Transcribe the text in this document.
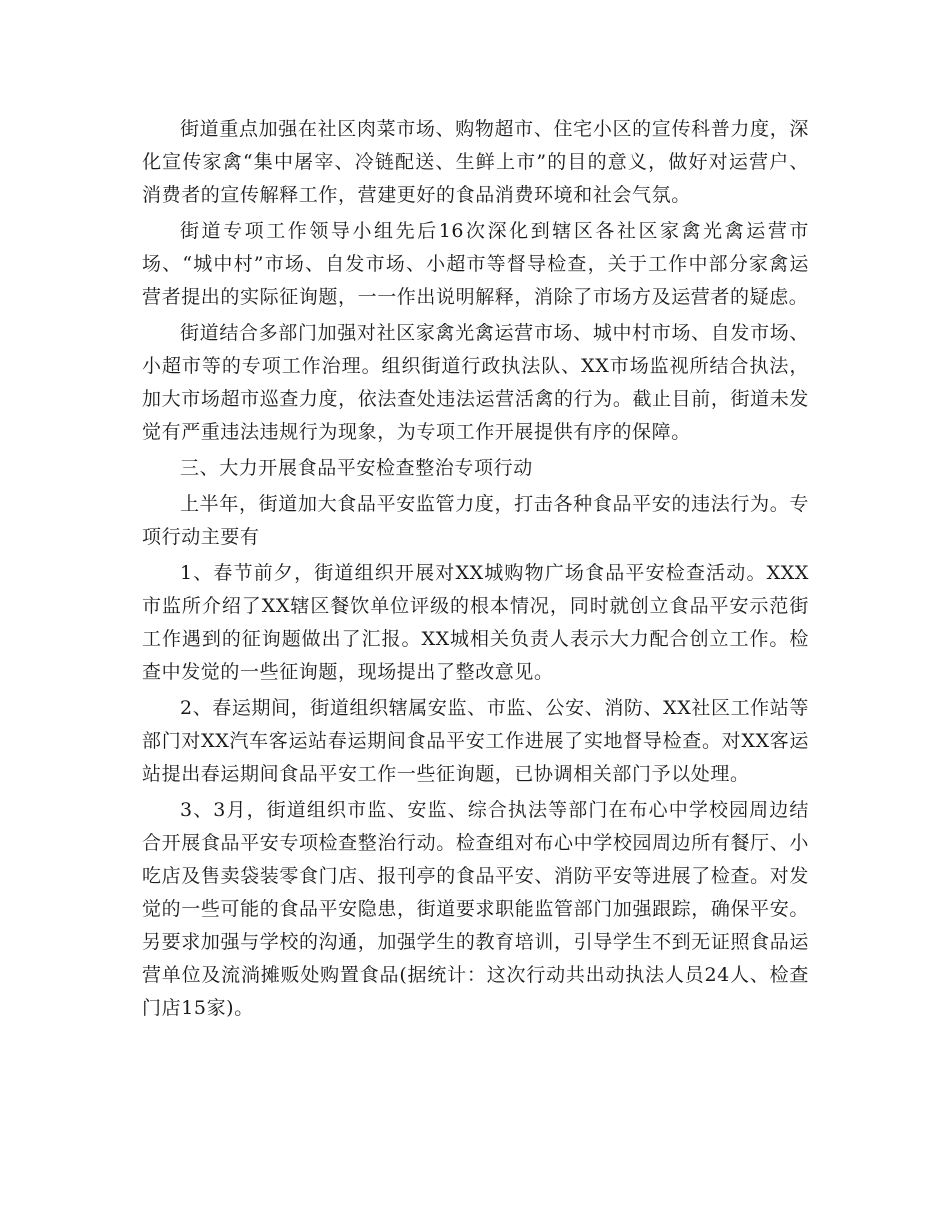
街道重点加强在社区肉菜市场、购物超市、住宅小区的宣传科普力度，深化宣传家禽“集中屠宰、冷链配送、生鲜上市”的目的意义，做好对运营户、消费者的宣传解释工作，营建更好的食品消费环境和社会气氛。

街道专项工作领导小组先后16次深化到辖区各社区家禽光禽运营市场、“城中村”市场、自发市场、小超市等督导检查，关于工作中部分家禽运营者提出的实际征询题，一一作出说明解释，消除了市场方及运营者的疑虑。

街道结合多部门加强对社区家禽光禽运营市场、城中村市场、自发市场、小超市等的专项工作治理。组织街道行政执法队、XX市场监视所结合执法，加大市场超市巡查力度，依法查处违法运营活禽的行为。截止目前，街道未发觉有严重违法违规行为现象，为专项工作开展提供有序的保障。

三、大力开展食品平安检查整治专项行动

上半年，街道加大食品平安监管力度，打击各种食品平安的违法行为。专项行动主要有

1、春节前夕，街道组织开展对XX城购物广场食品平安检查活动。XXX市监所介绍了XX辖区餐饮单位评级的根本情况，同时就创立食品平安示范街工作遇到的征询题做出了汇报。XX城相关负责人表示大力配合创立工作。检查中发觉的一些征询题，现场提出了整改意见。

2、春运期间，街道组织辖属安监、市监、公安、消防、XX社区工作站等部门对XX汽车客运站春运期间食品平安工作进展了实地督导检查。对XX客运站提出春运期间食品平安工作一些征询题，已协调相关部门予以处理。

3、3月，街道组织市监、安监、综合执法等部门在布心中学校园周边结合开展食品平安专项检查整治行动。检查组对布心中学校园周边所有餐厅、小吃店及售卖袋装零食门店、报刊亭的食品平安、消防平安等进展了检查。对发觉的一些可能的食品平安隐患，街道要求职能监管部门加强跟踪，确保平安。另要求加强与学校的沟通，加强学生的教育培训，引导学生不到无证照食品运营单位及流淌摊贩处购置食品(据统计：这次行动共出动执法人员24人、检查门店15家)。
